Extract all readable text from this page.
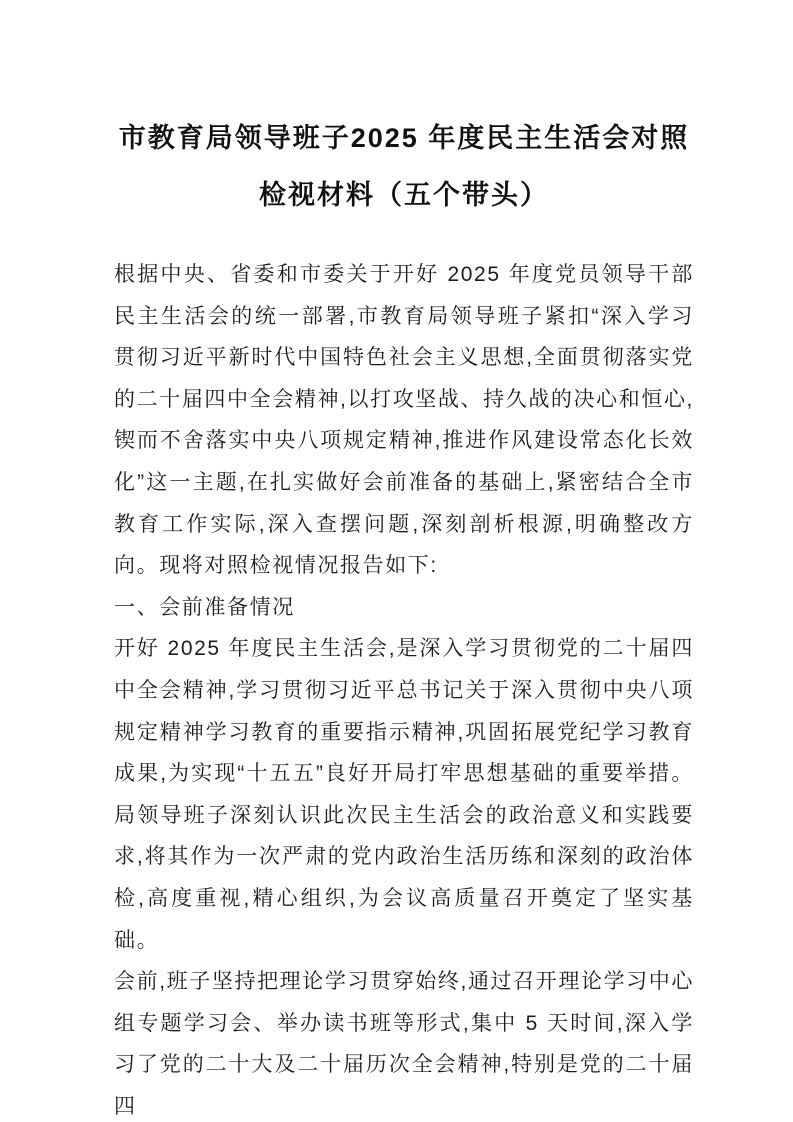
市教育局领导班子2025 年度民主生活会对照检视材料（五个带头）

根据中央、省委和市委关于开好 2025 年度党员领导干部民主生活会的统一部署,市教育局领导班子紧扣“深入学习贯彻习近平新时代中国特色社会主义思想,全面贯彻落实党的二十届四中全会精神,以打攻坚战、持久战的决心和恒心,锲而不舍落实中央八项规定精神,推进作风建设常态化长效化”这一主题,在扎实做好会前准备的基础上,紧密结合全市教育工作实际,深入查摆问题,深刻剖析根源,明确整改方向。现将对照检视情况报告如下:

一、会前准备情况

开好 2025 年度民主生活会,是深入学习贯彻党的二十届四中全会精神,学习贯彻习近平总书记关于深入贯彻中央八项规定精神学习教育的重要指示精神,巩固拓展党纪学习教育成果,为实现“十五五”良好开局打牢思想基础的重要举措。局领导班子深刻认识此次民主生活会的政治意义和实践要求,将其作为一次严肃的党内政治生活历练和深刻的政治体检,高度重视,精心组织,为会议高质量召开奠定了坚实基础。

会前,班子坚持把理论学习贯穿始终,通过召开理论学习中心组专题学习会、举办读书班等形式,集中 5 天时间,深入学习了党的二十大及二十届历次全会精神,特别是党的二十届四
